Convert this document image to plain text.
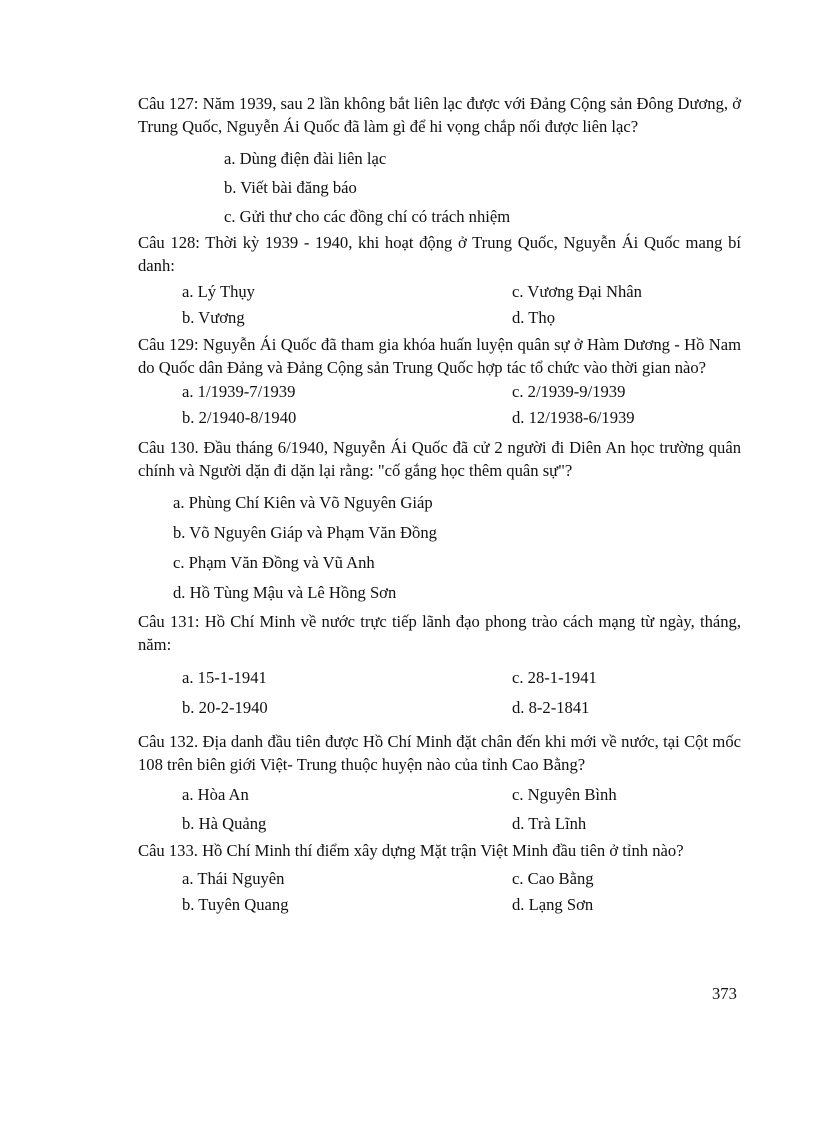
Câu 127: Năm 1939, sau 2 lần không bắt liên lạc được với Đảng Cộng sản Đông Dương, ở Trung Quốc, Nguyễn Ái Quốc đã làm gì để hi vọng chắp nối được liên lạc?

a. Dùng điện đài liên lạc
b. Viết bài đăng báo
c. Gửi thư cho các đồng chí có trách nhiệm

Câu 128: Thời kỳ 1939 - 1940, khi hoạt động ở Trung Quốc, Nguyễn Ái Quốc mang bí danh:

a. Lý Thụy	c. Vương Đại Nhân
b. Vương	d. Thọ

Câu 129: Nguyễn Ái Quốc đã tham gia khóa huấn luyện quân sự ở Hàm Dương - Hồ Nam do Quốc dân Đảng và Đảng Cộng sản Trung Quốc hợp tác tổ chức vào thời gian nào?

a. 1/1939-7/1939	c. 2/1939-9/1939
b. 2/1940-8/1940	d. 12/1938-6/1939

Câu 130. Đầu tháng 6/1940, Nguyễn Ái Quốc đã cử 2 người đi Diên An học trường quân chính và Người dặn đi dặn lại rằng: "cố gắng học thêm quân sự"?

a. Phùng Chí Kiên và Võ Nguyên Giáp
b. Võ Nguyên Giáp và Phạm Văn Đồng
c. Phạm Văn Đồng và Vũ Anh
d. Hồ Tùng Mậu và Lê Hồng Sơn

Câu 131: Hồ Chí Minh về nước trực tiếp lãnh đạo phong trào cách mạng từ ngày, tháng, năm:

a. 15-1-1941	c. 28-1-1941
b. 20-2-1940	d. 8-2-1841

Câu 132. Địa danh đầu tiên được Hồ Chí Minh đặt chân đến khi mới về nước, tại Cột mốc 108 trên biên giới Việt- Trung thuộc huyện nào của tỉnh Cao Bằng?

a. Hòa An	c. Nguyên Bình
b. Hà Quảng	d. Trà Lĩnh

Câu 133. Hồ Chí Minh thí điểm xây dựng Mặt trận Việt Minh đầu tiên ở tỉnh nào?

a. Thái Nguyên	c. Cao Bằng
b. Tuyên Quang	d. Lạng Sơn
373
